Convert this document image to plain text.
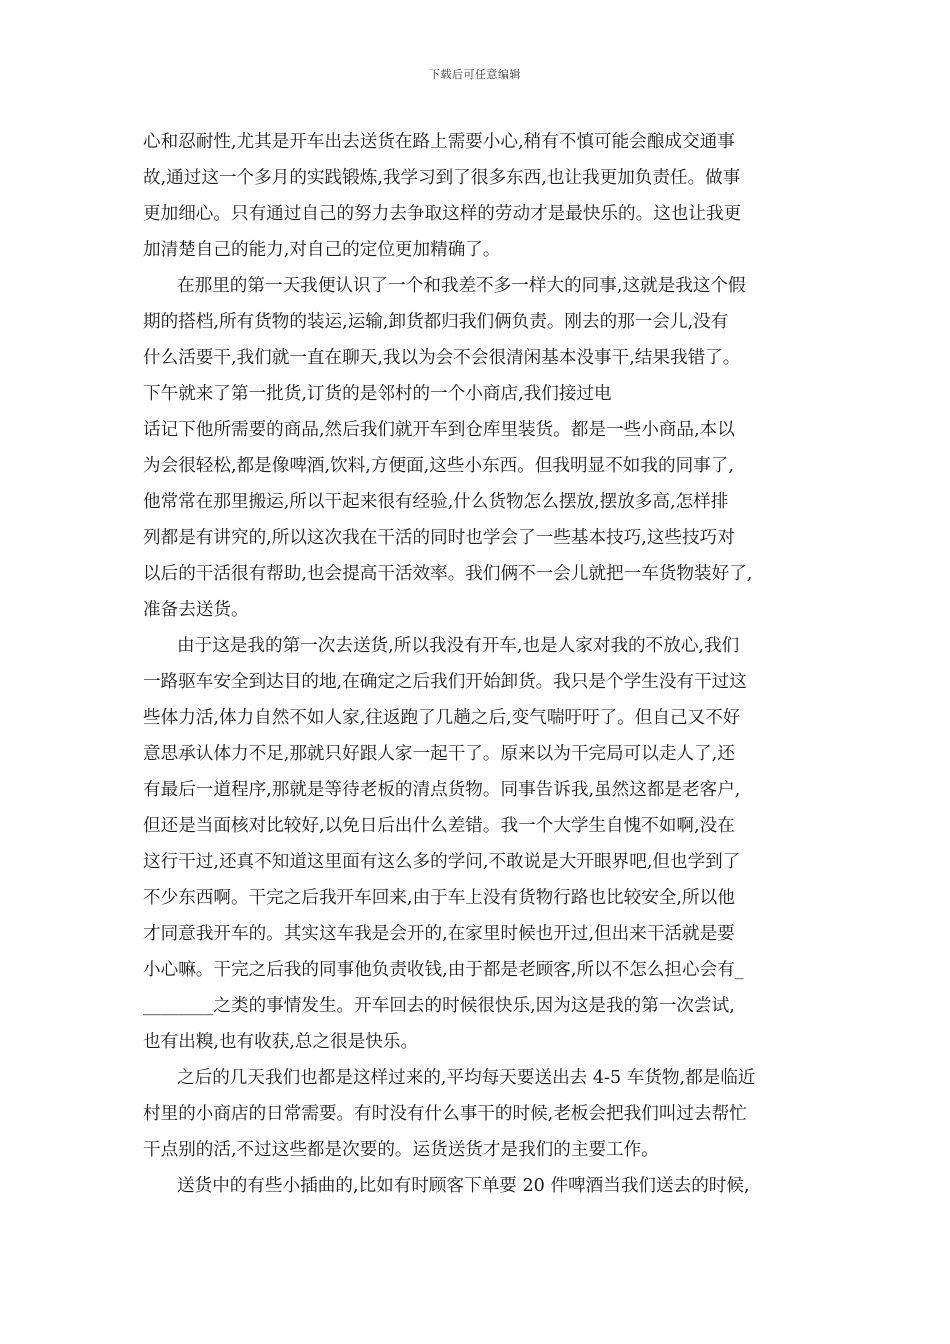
下载后可任意编辑
心和忍耐性,尤其是开车出去送货在路上需要小心,稍有不慎可能会酿成交通事
故,通过这一个多月的实践锻炼,我学习到了很多东西,也让我更加负责任。做事
更加细心。只有通过自己的努力去争取这样的劳动才是最快乐的。这也让我更
加清楚自己的能力,对自己的定位更加精确了。
在那里的第一天我便认识了一个和我差不多一样大的同事,这就是我这个假
期的搭档,所有货物的装运,运输,卸货都归我们俩负责。刚去的那一会儿,没有
什么活要干,我们就一直在聊天,我以为会不会很清闲基本没事干,结果我错了。
下午就来了第一批货,订货的是邻村的一个小商店,我们接过电
话记下他所需要的商品,然后我们就开车到仓库里装货。都是一些小商品,本以
为会很轻松,都是像啤酒,饮料,方便面,这些小东西。但我明显不如我的同事了,
他常常在那里搬运,所以干起来很有经验,什么货物怎么摆放,摆放多高,怎样排
列都是有讲究的,所以这次我在干活的同时也学会了一些基本技巧,这些技巧对
以后的干活很有帮助,也会提高干活效率。我们俩不一会儿就把一车货物装好了,
准备去送货。
由于这是我的第一次去送货,所以我没有开车,也是人家对我的不放心,我们
一路驱车安全到达目的地,在确定之后我们开始卸货。我只是个学生没有干过这
些体力活,体力自然不如人家,往返跑了几趟之后,变气喘吁吁了。但自己又不好
意思承认体力不足,那就只好跟人家一起干了。原来以为干完局可以走人了,还
有最后一道程序,那就是等待老板的清点货物。同事告诉我,虽然这都是老客户,
但还是当面核对比较好,以免日后出什么差错。我一个大学生自愧不如啊,没在
这行干过,还真不知道这里面有这么多的学问,不敢说是大开眼界吧,但也学到了
不少东西啊。干完之后我开车回来,由于车上没有货物行路也比较安全,所以他
才同意我开车的。其实这车我是会开的,在家里时候也开过,但出来干活就是要
小心嘛。干完之后我的同事他负责收钱,由于都是老顾客,所以不怎么担心会有_
________之类的事情发生。开车回去的时候很快乐,因为这是我的第一次尝试,
也有出糗,也有收获,总之很是快乐。
之后的几天我们也都是这样过来的,平均每天要送出去 4-5 车货物,都是临近
村里的小商店的日常需要。有时没有什么事干的时候,老板会把我们叫过去帮忙
干点别的活,不过这些都是次要的。运货送货才是我们的主要工作。
送货中的有些小插曲的,比如有时顾客下单要 20 件啤酒当我们送去的时候,
